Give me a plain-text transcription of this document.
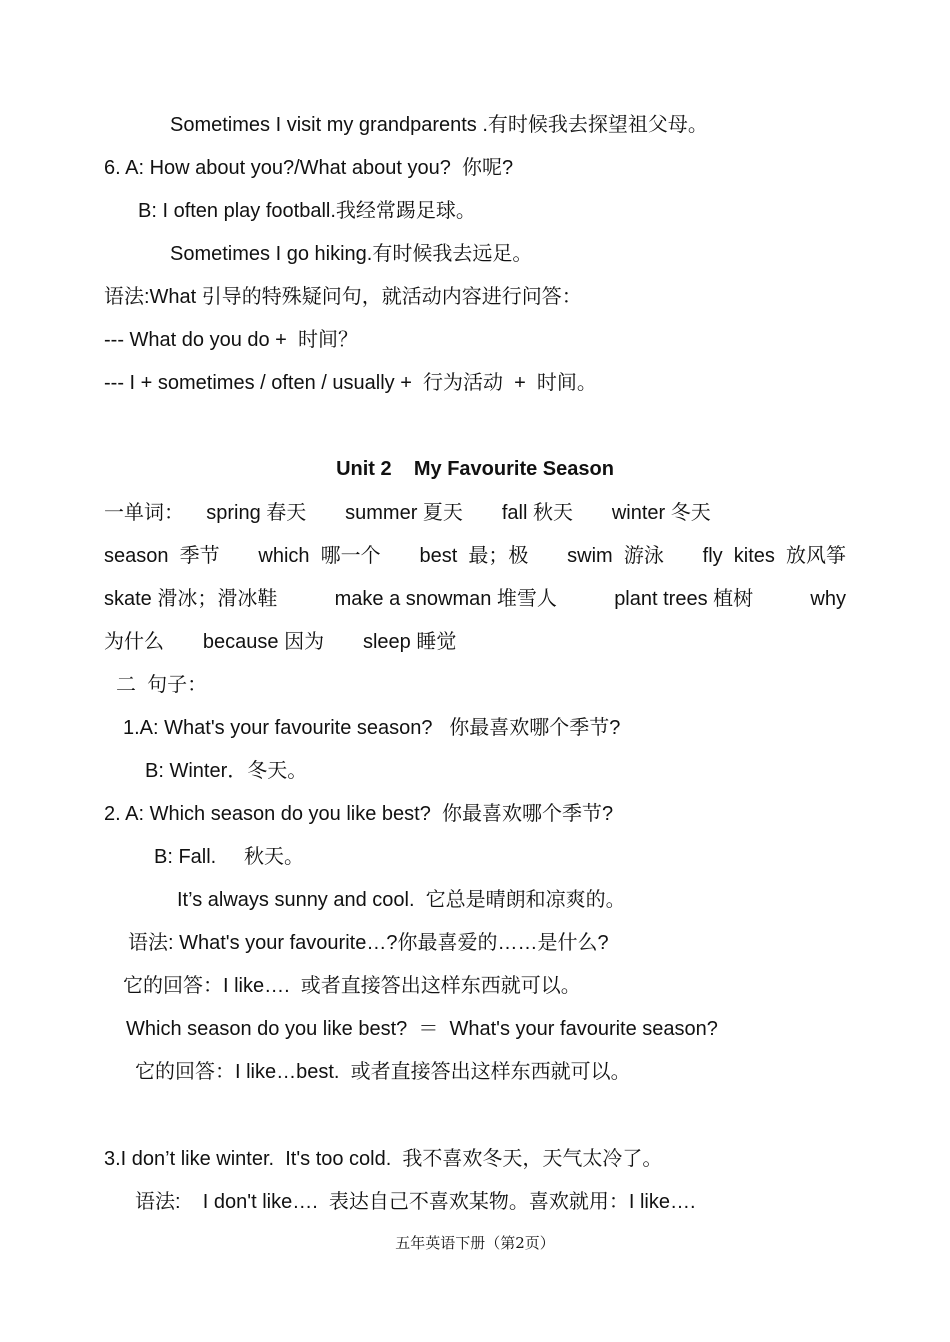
Sometimes I visit my grandparents .有时候我去探望祖父母。
6. A: How about you?/What about you?  你呢?
B: I often play football.我经常踢足球。
Sometimes I go hiking.有时候我去远足。
语法:What 引导的特殊疑问句，就活动内容进行问答：
--- What do you do +  时间？
--- I + sometimes / often / usually +  行为活动  +  时间。
Unit 2    My Favourite Season
一单词：    spring 春天       summer 夏天       fall 秋天       winter 冬天
season  季节 which  哪一个 best  最；极 swim  游泳 fly  kites  放风筝
skate 滑冰；滑冰鞋	make a snowman 堆雪人	plant trees 植树	why
为什么       because 因为       sleep 睡觉
二  句子：
1.A: What's your favourite season?   你最喜欢哪个季节?
B: Winter．冬天。
2. A: Which season do you like best?  你最喜欢哪个季节?
B: Fall.     秋天。
It’s always sunny and cool.  它总是晴朗和凉爽的。
语法: What's your favourite…?你最喜爱的……是什么?
它的回答：I like….  或者直接答出这样东西就可以。
Which season do you like best?  ＝  What's your favourite season?
它的回答：I like…best.  或者直接答出这样东西就可以。
3.I don’t like winter.  It's too cold.  我不喜欢冬天，天气太冷了。
语法:    I don't like….  表达自己不喜欢某物。喜欢就用：I like….
五年英语下册（第2页）
